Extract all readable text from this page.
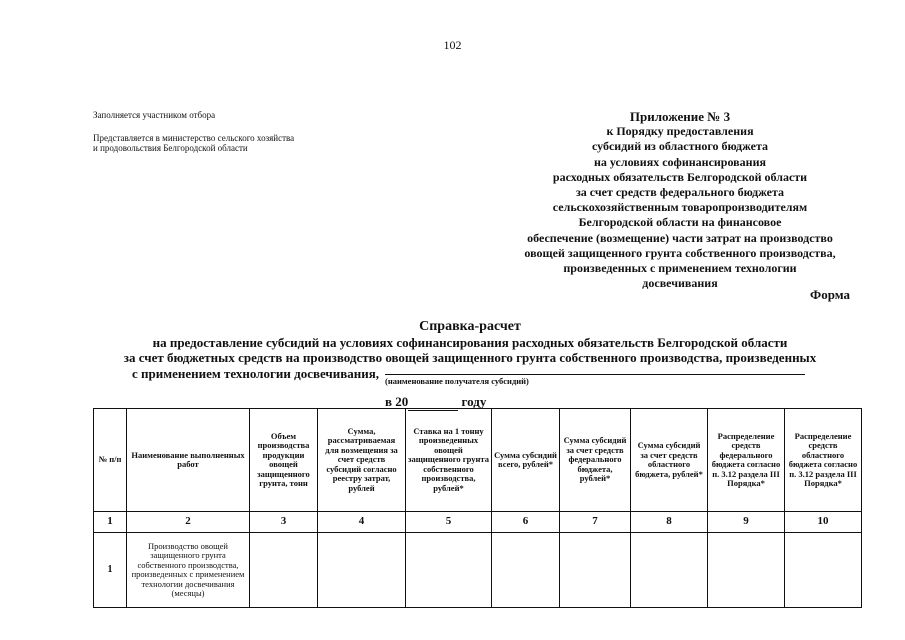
102
Заполняется участником отбора
Представляется в министерство сельского хозяйства
и продовольствия Белгородской области
Приложение № 3
к Порядку предоставления
субсидий из областного бюджета
на условиях софинансирования
расходных обязательств Белгородской области
за счет средств федерального бюджета
сельскохозяйственным товаропроизводителям
Белгородской области на финансовое
обеспечение (возмещение) части затрат на производство
овощей защищенного грунта собственного производства,
произведенных с применением технологии
досвечивания
Форма
Справка-расчет
на предоставление субсидий на условиях софинансирования расходных обязательств Белгородской области
за счет бюджетных средств на производство овощей защищенного грунта собственного производства, произведенных
с применением технологии досвечивания,
(наименование получателя субсидий)
в 20	году
№ п/п	Наименование выполненных работ	Объем производства продукции овощей защищенного грунта, тонн	Сумма, рассматриваемая для возмещения за счет средств субсидий согласно реестру затрат, рублей	Ставка на 1 тонну произведенных овощей защищенного грунта собственного производства, рублей*	Сумма субсидий всего, рублей*	Сумма субсидий за счет средств федерального бюджета, рублей*	Сумма субсидий за счет средств областного бюджета, рублей*	Распределение средств федерального бюджета согласно п. 3.12 раздела III Порядка*	Распределение средств областного бюджета согласно п. 3.12 раздела III Порядка*
1	2	3	4	5	6	7	8	9	10
1	Производство овощей защищенного грунта собственного производства, произведенных с применением технологии досвечивания (месяцы)								
